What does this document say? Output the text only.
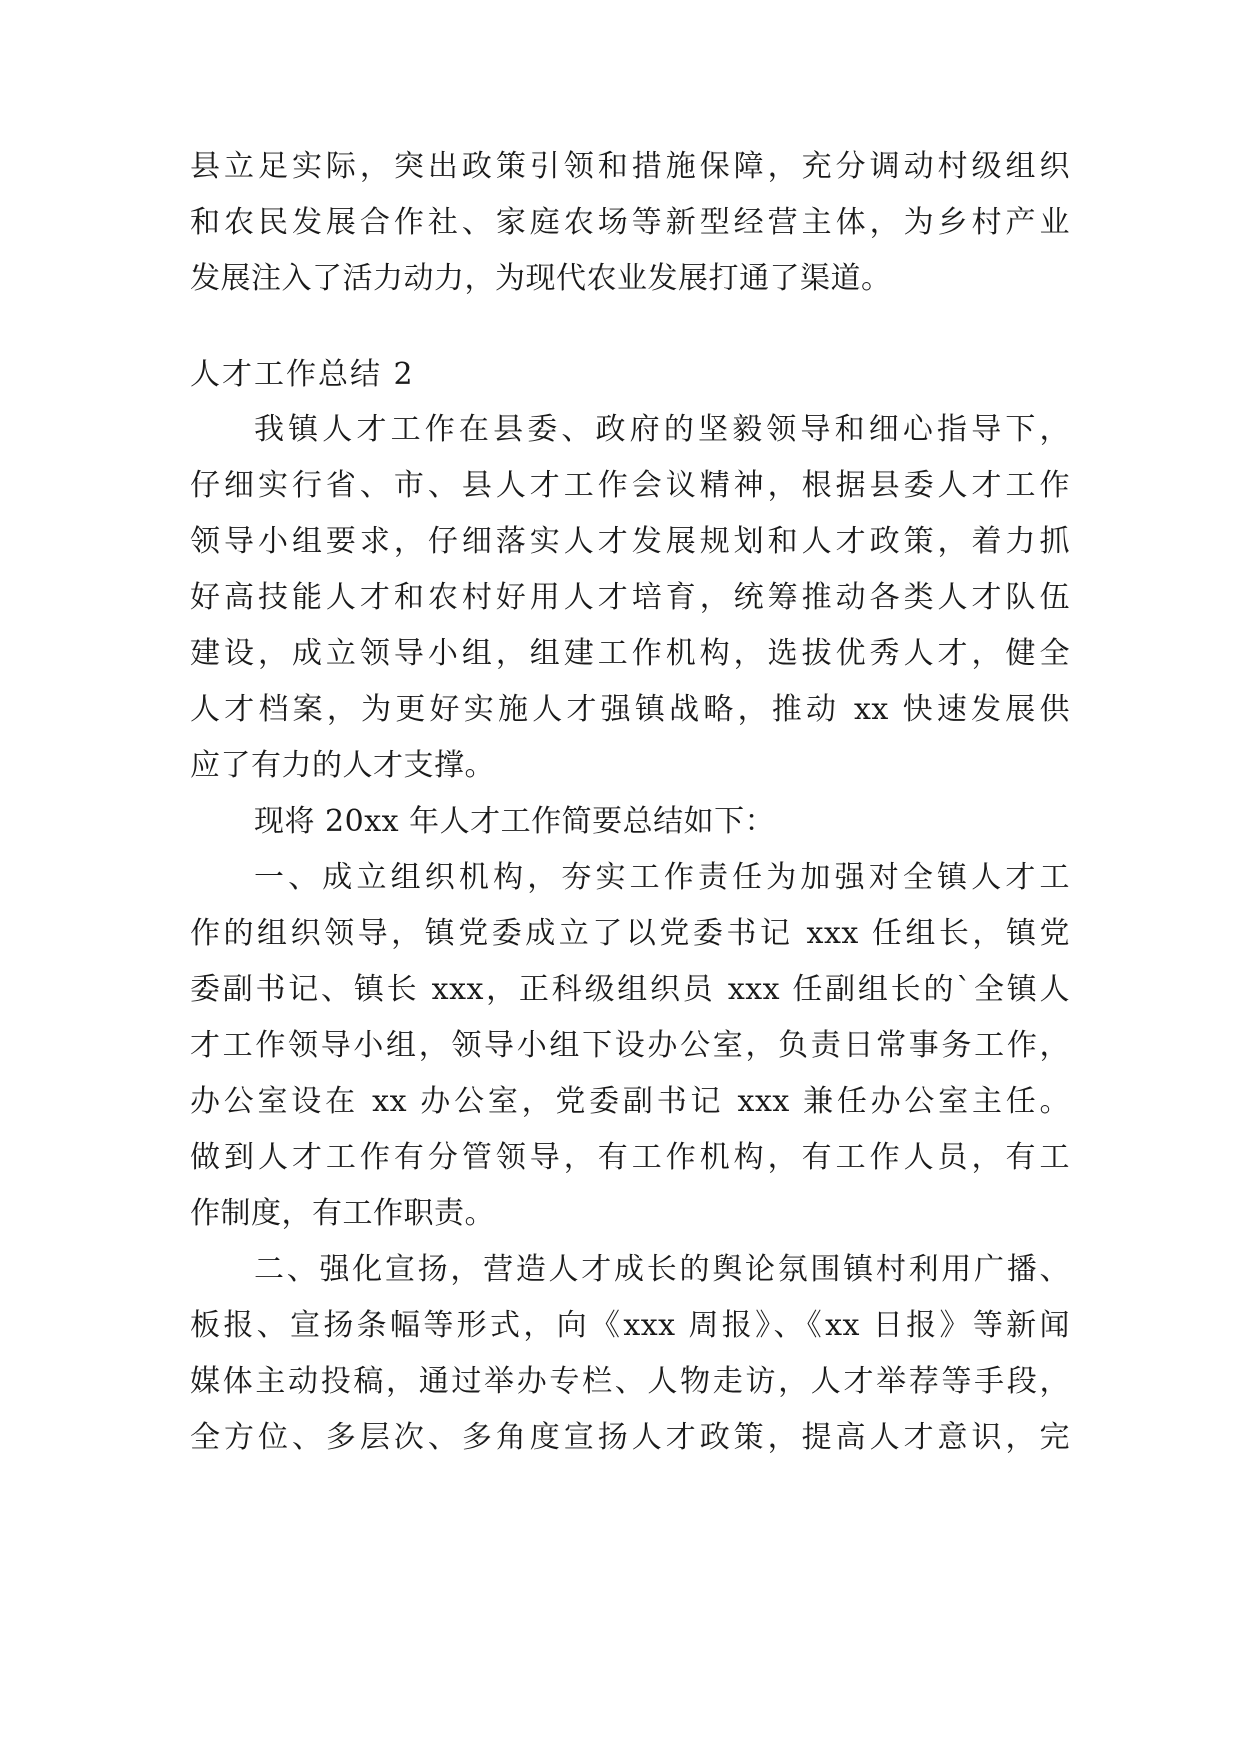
县立足实际，突出政策引领和措施保障，充分调动村级组织
和农民发展合作社、家庭农场等新型经营主体，为乡村产业
发展注入了活力动力，为现代农业发展打通了渠道。
人才工作总结 2
我镇人才工作在县委、政府的坚毅领导和细心指导下，
仔细实行省、市、县人才工作会议精神，根据县委人才工作
领导小组要求，仔细落实人才发展规划和人才政策，着力抓
好高技能人才和农村好用人才培育，统筹推动各类人才队伍
建设，成立领导小组，组建工作机构，选拔优秀人才，健全
人才档案，为更好实施人才强镇战略，推动 xx 快速发展供
应了有力的人才支撑。
现将 20xx 年人才工作简要总结如下：
一、成立组织机构，夯实工作责任为加强对全镇人才工
作的组织领导，镇党委成立了以党委书记 xxx 任组长，镇党
委副书记、镇长 xxx，正科级组织员 xxx 任副组长的`全镇人
才工作领导小组，领导小组下设办公室，负责日常事务工作，
办公室设在 xx 办公室，党委副书记 xxx 兼任办公室主任。
做到人才工作有分管领导，有工作机构，有工作人员，有工
作制度，有工作职责。
二、强化宣扬，营造人才成长的舆论氛围镇村利用广播、
板报、宣扬条幅等形式，向《xxx 周报》、《xx 日报》等新闻
媒体主动投稿，通过举办专栏、人物走访，人才举荐等手段，
全方位、多层次、多角度宣扬人才政策，提高人才意识，完
